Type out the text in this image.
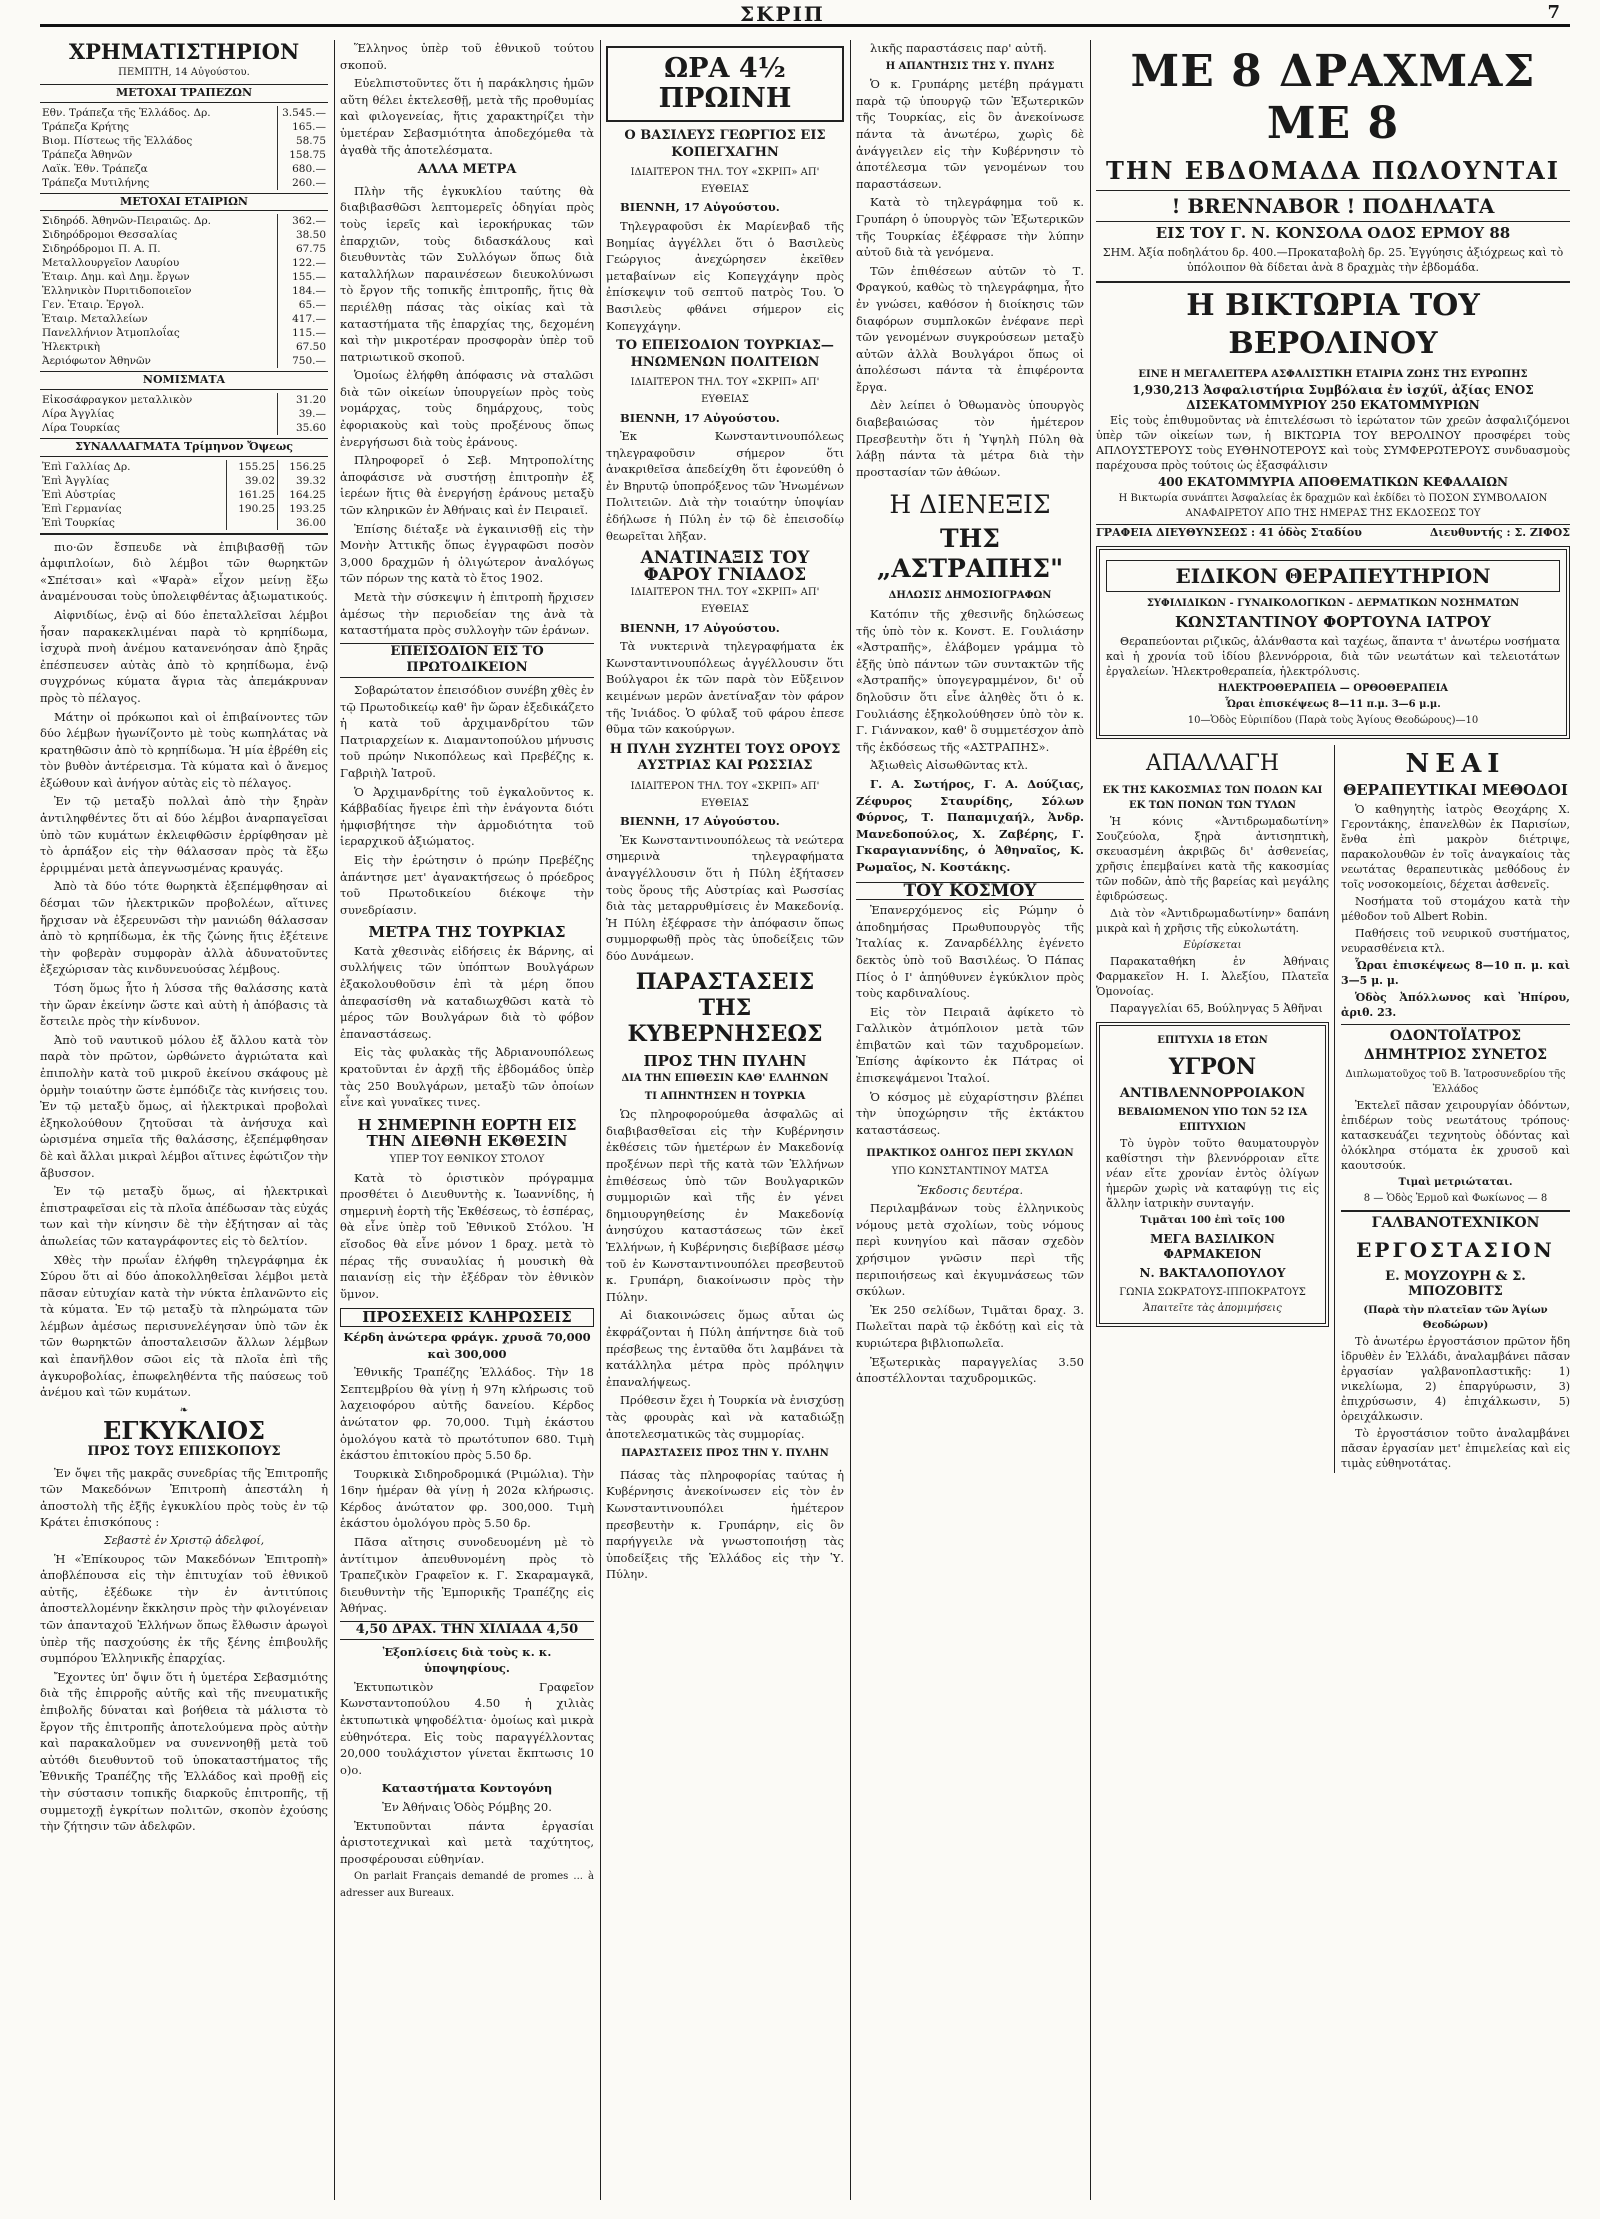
ΣΚΡΙΠ	7
ΧΡΗΜΑΤΙΣΤΗΡΙΟΝ
ΠΕΜΠΤΗ, 14 Αὐγούστου.
ΜΕΤΟΧΑΙ ΤΡΑΠΕΖΩΝ
Εθν. Τράπεζα τῆς Ἑλλάδος. Δρ.	3.545.—
Τράπεζα Κρήτης	165.—
Βιομ. Πίστεως τῆς Ἑλλάδος	58.75
Τράπεζα Ἀθηνῶν	158.75
Λαϊκ. Ἐθν. Τράπεζα	680.—
Τράπεζα Μυτιλήνης	260.—
ΜΕΤΟΧΑΙ ΕΤΑΙΡΙΩΝ
Σιδηρόδ. Ἀθηνῶν-Πειραιῶς. Δρ.	362.—
Σιδηρόδρομοι Θεσσαλίας	38.50
Σιδηρόδρομοι Π. Α. Π.	67.75
Μεταλλουργεῖον Λαυρίου	122.—
Ἑταιρ. Δημ. καὶ Δημ. ἔργων	155.—
Ἑλληνικὸν Πυριτιδοποιεῖον	184.—
Γεν. Ἑταιρ. Ἐργολ.	65.—
Ἑταιρ. Μεταλλείων	417.—
Πανελλήνιον Ἀτμοπλοΐας	115.—
Ἠλεκτρικὴ	67.50
Ἀεριόφωτον Ἀθηνῶν	750.—
ΝΟΜΙΣΜΑΤΑ
Εἰκοσάφραγκον μεταλλικὸν	31.20
Λίρα Ἀγγλίας	39.—
Λίρα Τουρκίας	35.60
ΣΥΝΑΛΛΑΓΜΑΤΑ Τρίμηνον Ὄψεως
Ἐπὶ Γαλλίας Δρ.	155.25	156.25
Ἐπὶ Ἀγγλίας	39.02	39.32
Ἐπὶ Αὐστρίας	161.25	164.25
Ἐπὶ Γερμανίας	190.25	193.25
Ἐπὶ Τουρκίας		36.00

πιο·ῶν ἔσπευδε νὰ ἐπιβιβασθῇ τῶν ἀμφιπλοίων, διὸ λέμβοι τῶν θωρηκτῶν «Σπέτσαι» καὶ «Ψαρὰ» εἶχον μείνῃ ἔξω ἀναμένουσαι τοὺς ὑπολειφθέντας ἀξιωματικούς.

Αἰφνιδίως, ἐνῷ αἱ δύο ἐπεταλλεῖσαι λέμβοι ἦσαν παρακεκλιμέναι παρὰ τὸ κρηπίδωμα, ἰσχυρὰ πνοὴ ἀνέμου κατανενόησαν ἀπὸ ξηρᾶς ἐπέσπευσεν αὐτὰς ἀπὸ τὸ κρηπίδωμα, ἐνῷ συγχρόνως κύματα ἄγρια τὰς ἀπεμάκρυναν πρὸς τὸ πέλαγος.

Μάτην οἱ πρόκωποι καὶ οἱ ἐπιβαίνοντες τῶν δύο λέμβων ἠγωνίζοντο μὲ τοὺς κωπηλάτας νὰ κρατηθῶσιν ἀπὸ τὸ κρηπίδωμα. Ἡ μία ἐβρέθη εἰς τὸν βυθὸν ἀντέρεισμα. Τὰ κύματα καὶ ὁ ἄνεμος ἐξώθουν καὶ ἀνήγον αὐτὰς εἰς τὸ πέλαγος.

Ἐν τῷ μεταξὺ πολλαὶ ἀπὸ τὴν ξηρὰν ἀντιληφθέντες ὅτι αἱ δύο λέμβοι ἀναρπαγεῖσαι ὑπὸ τῶν κυμάτων ἐκλειφθῶσιν ἐρρίφθησαν μὲ τὸ ἁρπάξον εἰς τὴν θάλασσαν πρὸς τὰ ἔξω ἐρριμμέναι μετὰ ἀπεγνωσμένας κραυγάς.

Ἀπὸ τὰ δύο τότε θωρηκτὰ ἐξεπέμφθησαν αἱ δέσμαι τῶν ἠλεκτρικῶν προβολέων, αἵτινες ἤρχισαν νὰ ἐξερευνῶσι τὴν μανιώδη θάλασσαν ἀπὸ τὸ κρηπίδωμα, ἐκ τῆς ζώνης ἥτις ἐξέτεινε τὴν φοβερὰν συμφορὰν ἀλλὰ ἀδυνατοῦντες ἐξεχώρισαν τὰς κινδυνευούσας λέμβους.

Τόση ὅμως ἦτο ἡ λύσσα τῆς θαλάσσης κατὰ τὴν ὥραν ἐκείνην ὥστε καὶ αὐτὴ ἡ ἀπόβασις τὰ ἔστειλε πρὸς τὴν κίνδυνον.

Ἀπὸ τοῦ ναυτικοῦ μόλου ἐξ ἄλλου κατὰ τὸν παρὰ τὸν πρῶτον, ὡρθώνετο ἀγριώτατα καὶ ἐπιπολὴν κατὰ τοῦ μικροῦ ἐκείνου σκάφους μὲ ὁρμὴν τοιαύτην ὥστε ἐμπόδιζε τὰς κινήσεις του. Ἐν τῷ μεταξὺ ὅμως, αἱ ἠλεκτρικαὶ προβολαὶ ἐξηκολούθουν ζητοῦσαι τὰ ἀνήσυχα καὶ ὡρισμένα σημεῖα τῆς θαλάσσης, ἐξεπέμφθησαν δὲ καὶ ἄλλαι μικραὶ λέμβοι αἵτινες ἐφώτιζον τὴν ἄβυσσον.

Ἐν τῷ μεταξὺ ὅμως, αἱ ἠλεκτρικαὶ ἐπιστραφεῖσαι εἰς τὰ πλοῖα ἀπέδωσαν τὰς εὐχάς των καὶ τὴν κίνησιν δὲ τὴν ἐξήτησαν αἱ τὰς ἀπωλείας τῶν καταγράφοντες εἰς τὸ δελτίον.

Χθὲς τὴν πρωΐαν ἐλήφθη τηλεγράφημα ἐκ Σύρου ὅτι αἱ δύο ἀποκολληθεῖσαι λέμβοι μετὰ πᾶσαν εὐτυχίαν κατὰ τὴν νύκτα ἐπλανῶντο εἰς τὰ κύματα. Ἐν τῷ μεταξὺ τὰ πληρώματα τῶν λέμβων ἀμέσως περισυνελέγησαν ὑπὸ τῶν ἐκ τῶν θωρηκτῶν ἀποσταλεισῶν ἄλλων λέμβων καὶ ἐπανῆλθον σῶοι εἰς τὰ πλοῖα ἐπὶ τῆς ἀγκυροβολίας, ἐπωφεληθέντα τῆς παύσεως τοῦ ἀνέμου καὶ τῶν κυμάτων.

❧
ΕΓΚΥΚΛΙΟΣ
ΠΡΟΣ ΤΟΥΣ ΕΠΙΣΚΟΠΟΥΣ

Ἐν ὄψει τῆς μακρᾶς συνεδρίας τῆς Ἐπιτροπῆς τῶν Μακεδόνων Ἐπιτροπὴ ἀπεστάλη ἡ ἀποστολὴ τῆς ἐξῆς ἐγκυκλίου πρὸς τοὺς ἐν τῷ Κράτει ἐπισκόπους :

Σεβαστὲ ἐν Χριστῷ ἀδελφοί,

Ἡ «Ἐπίκουρος τῶν Μακεδόνων Ἐπιτροπὴ» ἀποβλέπουσα εἰς τὴν ἐπιτυχίαν τοῦ ἐθνικοῦ αὐτῆς, ἐξέδωκε τὴν ἐν ἀντιτύποις ἀποστελλομένην ἔκκλησιν πρὸς τὴν φιλογένειαν τῶν ἁπανταχοῦ Ἑλλήνων ὅπως ἔλθωσιν ἀρωγοὶ ὑπὲρ τῆς πασχούσης ἐκ τῆς ξένης ἐπιβουλῆς συμπόρου Ἑλληνικῆς ἐπαρχίας.

Ἔχοντες ὑπ' ὄψιν ὅτι ἡ ὑμετέρα Σεβασμιότης διὰ τῆς ἐπιρροῆς αὐτῆς καὶ τῆς πνευματικῆς ἐπιβολῆς δύναται καὶ βοήθεια τὰ μάλιστα τὸ ἔργον τῆς ἐπιτροπῆς ἀποτελούμενα πρὸς αὐτὴν καὶ παρακαλοῦμεν να συνεννοηθῇ μετὰ τοῦ αὐτόθι διευθυντοῦ τοῦ ὑποκαταστήματος τῆς Ἐθνικῆς Τραπέζης τῆς Ἑλλάδος καὶ προθῇ εἰς τὴν σύστασιν τοπικῆς διαρκοῦς ἐπιτροπῆς, τῇ συμμετοχῇ ἐγκρίτων πολιτῶν, σκοπὸν ἐχούσης τὴν ζήτησιν τῶν ἀδελφῶν.

Ἕλληνος ὑπὲρ τοῦ ἐθνικοῦ τούτου σκοποῦ.

Εὐελπιστοῦντες ὅτι ἡ παράκλησις ἡμῶν αὕτη θέλει ἐκτελεσθῇ, μετὰ τῆς προθυμίας καὶ φιλογενείας, ἥτις χαρακτηρίζει τὴν ὑμετέραν Σεβασμιότητα ἀποδεχόμεθα τὰ ἀγαθὰ τῆς ἀποτελέσματα.

ΑΛΛΑ ΜΕΤΡΑ

Πλὴν τῆς ἐγκυκλίου ταύτης θὰ διαβιβασθῶσι λεπτομερεῖς ὁδηγίαι πρὸς τοὺς ἱερεῖς καὶ ἱεροκήρυκας τῶν ἐπαρχιῶν, τοὺς διδασκάλους καὶ διευθυντὰς τῶν Συλλόγων ὅπως διὰ καταλλήλων παραινέσεων διευκολύνωσι τὸ ἔργον τῆς τοπικῆς ἐπιτροπῆς, ἥτις θὰ περιέλθῃ πάσας τὰς οἰκίας καὶ τὰ καταστήματα τῆς ἐπαρχίας της, δεχομένη καὶ τὴν μικροτέραν προσφορὰν ὑπὲρ τοῦ πατριωτικοῦ σκοποῦ.

Ὁμοίως ἐλήφθη ἀπόφασις νὰ σταλῶσι διὰ τῶν οἰκείων ὑπουργείων πρὸς τοὺς νομάρχας, τοὺς δημάρχους, τοὺς ἐφοριακοὺς καὶ τοὺς προξένους ὅπως ἐνεργήσωσι διὰ τοὺς ἐράνους.

Πληροφορεῖ ὁ Σεβ. Μητροπολίτης ἀποφάσισε νὰ συστήσῃ ἐπιτροπὴν ἐξ ἱερέων ἥτις θὰ ἐνεργήσῃ ἐράνους μεταξὺ τῶν κληρικῶν ἐν Ἀθήναις καὶ ἐν Πειραιεῖ.

Ἐπίσης διέταξε νὰ ἐγκαινισθῇ εἰς τὴν Μονὴν Ἀττικῆς ὅπως ἐγγραφῶσι ποσὸν 3,000 δραχμῶν ἡ ὀλιγώτερον ἀναλόγως τῶν πόρων της κατὰ τὸ ἔτος 1902.

Μετὰ τὴν σύσκεψιν ἡ ἐπιτροπὴ ἤρχισεν ἀμέσως τὴν περιοδείαν της ἀνὰ τὰ καταστήματα πρὸς συλλογὴν τῶν ἐράνων.

ΕΠΕΙΣΟΔΙΟΝ ΕΙΣ ΤΟ ΠΡΩΤΟΔΙΚΕΙΟΝ

Σοβαρώτατον ἐπεισόδιον συνέβη χθὲς ἐν τῷ Πρωτοδικείῳ καθ' ἣν ὥραν ἐξεδικάζετο ἡ κατὰ τοῦ ἀρχιμανδρίτου τῶν Πατριαρχείων κ. Διαμαντοπούλου μήνυσις τοῦ πρώην Νικοπόλεως καὶ Πρεβέζης κ. Γαβριὴλ Ἱατροῦ.

Ὁ Ἀρχιμανδρίτης τοῦ ἐγκαλοῦντος κ. Κάββαδίας ἤγειρε ἐπὶ τὴν ἐνάγοντα διότι ἠμφισβήτησε τὴν ἀρμοδιότητα τοῦ ἱεραρχικοῦ ἀξιώματος.

Εἰς τὴν ἐρώτησιν ὁ πρώην Πρεβέζης ἀπάντησε μετ' ἀγανακτήσεως ὁ πρόεδρος τοῦ Πρωτοδικείου διέκοψε τὴν συνεδρίασιν.

ΜΕΤΡΑ ΤΗΣ ΤΟΥΡΚΙΑΣ

Κατὰ χθεσινὰς εἰδήσεις ἐκ Βάρνης, αἱ συλλήψεις τῶν ὑπόπτων Βουλγάρων ἐξακολουθοῦσιν ἐπὶ τὰ μέρη ὅπου ἀπεφασίσθη νὰ καταδιωχθῶσι κατὰ τὸ μέρος τῶν Βουλγάρων διὰ τὸ φόβον ἐπαναστάσεως.

Εἰς τὰς φυλακὰς τῆς Ἀδριανουπόλεως κρατοῦνται ἐν ἀρχῇ τῆς ἑβδομάδος ὑπὲρ τὰς 250 Βουλγάρων, μεταξὺ τῶν ὁποίων εἶνε καὶ γυναῖκες τινες.

Η ΣΗΜΕΡΙΝΗ ΕΟΡΤΗ ΕΙΣ ΤΗΝ ΔΙΕΘΝΗ ΕΚΘΕΣΙΝ
ΥΠΕΡ ΤΟΥ ΕΘΝΙΚΟΥ ΣΤΟΛΟΥ

Κατὰ τὸ ὁριστικὸν πρόγραμμα προσθέτει ὁ Διευθυντὴς κ. Ἰωαννίδης, ἡ σημερινὴ ἑορτὴ τῆς Ἐκθέσεως, τὸ ἑσπέρας, θὰ εἶνε ὑπὲρ τοῦ Ἐθνικοῦ Στόλου. Ἡ εἴσοδος θὰ εἶνε μόνον 1 δραχ. μετὰ τὸ πέρας τῆς συναυλίας ἡ μουσικὴ θὰ παιανίσῃ εἰς τὴν ἐξέδραν τὸν ἐθνικὸν ὕμνον.

ΠΡΟΣΕΧΕΙΣ ΚΛΗΡΩΣΕΙΣ

Κέρδη ἀνώτερα φράγκ. χρυσᾶ 70,000 καὶ 300,000

Ἐθνικῆς Τραπέζης Ἑλλάδος. Τὴν 18 Σεπτεμβρίου θὰ γίνῃ ἡ 97η κλήρωσις τοῦ λαχειοφόρου αὐτῆς δανείου. Κέρδος ἀνώτατον φρ. 70,000. Τιμὴ ἑκάστου ὁμολόγου κατὰ τὸ πρωτότυπον 680. Τιμὴ ἑκάστου ἐπιτοκίου πρὸς 5.50 δρ.

Τουρκικὰ Σιδηροδρομικά (Ριμώλια). Τὴν 16ην ἡμέραν θὰ γίνῃ ἡ 202α κλήρωσις. Κέρδος ἀνώτατον φρ. 300,000. Τιμὴ ἑκάστου ὁμολόγου πρὸς 5.50 δρ.

Πᾶσα αἴτησις συνοδευομένη μὲ τὸ ἀντίτιμον ἀπευθυνομένη πρὸς τὸ Τραπεζικὸν Γραφεῖον κ. Γ. Σκαραμαγκᾶ, διευθυντὴν τῆς Ἐμπορικῆς Τραπέζης εἰς Ἀθήνας.

4,50 ΔΡΑΧ. ΤΗΝ ΧΙΛΙΑΔΑ 4,50

Ἐξοπλίσεις διὰ τοὺς κ. κ. ὑποψηφίους.

Ἐκτυπωτικὸν Γραφεῖον Κωνσταντοπούλου 4.50 ἡ χιλιὰς ἐκτυπωτικὰ ψηφοδέλτια· ὁμοίως καὶ μικρὰ εὐθηνότερα. Εἰς τοὺς παραγγέλλοντας 20,000 τουλάχιστον γίνεται ἔκπτωσις 10 ο)ο.

Καταστήματα Κοντογόνη

Ἐν Ἀθήναις Ὁδὸς Ρόμβης 20.

Ἐκτυποῦνται πάντα ἐργασίαι ἀριστοτεχνικαὶ καὶ μετὰ ταχύτητος, προσφέρουσαι εὐθηνίαν.

On parlait Français demandé de promes ... à adresser aux Bureaux.

ΩΡΑ 4½ ΠΡΩΙΝΗ
Ο ΒΑΣΙΛΕΥΣ ΓΕΩΡΓΙΟΣ ΕΙΣ ΚΟΠΕΓΧΑΓΗΝ
ΙΔΙΑΙΤΕΡΟΝ ΤΗΛ. ΤΟΥ «ΣΚΡΙΠ» ΑΠ' ΕΥΘΕΙΑΣ

ΒΙΕΝΝΗ, 17 Αὐγούστου.

Τηλεγραφοῦσι ἐκ Μαρίενβαδ τῆς Βοημίας ἀγγέλλει ὅτι ὁ Βασιλεὺς Γεώργιος ἀνεχώρησεν ἐκεῖθεν μεταβαίνων εἰς Κοπεγχάγην πρὸς ἐπίσκεψιν τοῦ σεπτοῦ πατρὸς Του. Ὁ Βασιλεὺς φθάνει σήμερον εἰς Κοπεγχάγην.

ΤΟ ΕΠΕΙΣΟΔΙΟΝ ΤΟΥΡΚΙΑΣ—ΗΝΩΜΕΝΩΝ ΠΟΛΙΤΕΙΩΝ
ΙΔΙΑΙΤΕΡΟΝ ΤΗΛ. ΤΟΥ «ΣΚΡΙΠ» ΑΠ' ΕΥΘΕΙΑΣ

ΒΙΕΝΝΗ, 17 Αὐγούστου.

Ἐκ Κωνσταντινουπόλεως τηλεγραφοῦσιν σήμερον ὅτι ἀνακριθεῖσα ἀπεδείχθη ὅτι ἐφονεύθη ὁ ἐν Βηρυτῷ ὑποπρόξενος τῶν Ἡνωμένων Πολιτειῶν. Διὰ τὴν τοιαύτην ὑποψίαν ἐδήλωσε ἡ Πύλη ἐν τῷ δὲ ἐπεισοδίῳ θεωρεῖται λῆξαν.

ΑΝΑΤΙΝΑΞΙΣ ΤΟΥ ΦΑΡΟΥ ΓΝΙΑΔΟΣ
ΙΔΙΑΙΤΕΡΟΝ ΤΗΛ. ΤΟΥ «ΣΚΡΙΠ» ΑΠ' ΕΥΘΕΙΑΣ

ΒΙΕΝΝΗ, 17 Αὐγούστου.

Τὰ νυκτερινὰ τηλεγραφήματα ἐκ Κωνσταντινουπόλεως ἀγγέλλουσιν ὅτι Βούλγαροι ἐκ τῶν παρὰ τὸν Εὔξεινον κειμένων μερῶν ἀνετίναξαν τὸν φάρον τῆς Ἰνιάδος. Ὁ φύλαξ τοῦ φάρου ἐπεσε θῦμα τῶν κακούργων.

Η ΠΥΛΗ ΣΥΖΗΤΕΙ ΤΟΥΣ ΟΡΟΥΣ ΑΥΣΤΡΙΑΣ ΚΑΙ ΡΩΣΣΙΑΣ
ΙΔΙΑΙΤΕΡΟΝ ΤΗΛ. ΤΟΥ «ΣΚΡΙΠ» ΑΠ' ΕΥΘΕΙΑΣ

ΒΙΕΝΝΗ, 17 Αὐγούστου.

Ἐκ Κωνσταντινουπόλεως τὰ νεώτερα σημερινὰ τηλεγραφήματα ἀναγγέλλουσιν ὅτι ἡ Πύλη ἐξήτασεν τοὺς ὅρους τῆς Αὐστρίας καὶ Ρωσσίας διὰ τὰς μεταρρυθμίσεις ἐν Μακεδονίᾳ. Ἡ Πύλη ἐξέφρασε τὴν ἀπόφασιν ὅπως συμμορφωθῇ πρὸς τὰς ὑποδείξεις τῶν δύο Δυνάμεων.

ΠΑΡΑΣΤΑΣΕΙΣ ΤΗΣ ΚΥΒΕΡΝΗΣΕΩΣ
ΠΡΟΣ ΤΗΝ ΠΥΛΗΝ
ΔΙΑ ΤΗΝ ΕΠΙΘΕΣΙΝ ΚΑΘ' ΕΛΛΗΝΩΝ
ΤΙ ΑΠΗΝΤΗΣΕΝ Η ΤΟΥΡΚΙΑ

Ὡς πληροφορούμεθα ἀσφαλῶς αἱ διαβιβασθεῖσαι εἰς τὴν Κυβέρνησιν ἐκθέσεις τῶν ἡμετέρων ἐν Μακεδονίᾳ προξένων περὶ τῆς κατὰ τῶν Ἑλλήνων ἐπιθέσεως ὑπὸ τῶν Βουλγαρικῶν συμμοριῶν καὶ τῆς ἐν γένει δημιουργηθείσης ἐν Μακεδονίᾳ ἀνησύχου καταστάσεως τῶν ἐκεῖ Ἑλλήνων, ἡ Κυβέρνησις διεβίβασε μέσῳ τοῦ ἐν Κωνσταντινουπόλει πρεσβευτοῦ κ. Γρυπάρη, διακοίνωσιν πρὸς τὴν Πύλην.

Αἱ διακοινώσεις ὅμως αὗται ὡς ἐκφράζονται ἡ Πύλη ἀπήντησε διὰ τοῦ πρέσβεως της ἐνταῦθα ὅτι λαμβάνει τὰ κατάλληλα μέτρα πρὸς πρόληψιν ἐπαναλήψεως.

Πρόθεσιν ἔχει ἡ Τουρκία νὰ ἐνισχύσῃ τὰς φρουρὰς καὶ νὰ καταδιώξῃ ἀποτελεσματικῶς τὰς συμμορίας.

ΠΑΡΑΣΤΑΣΕΙΣ ΠΡΟΣ ΤΗΝ Υ. ΠΥΛΗΝ

Πάσας τὰς πληροφορίας ταύτας ἡ Κυβέρνησις ἀνεκοίνωσεν εἰς τὸν ἐν Κωνσταντινουπόλει ἡμέτερον πρεσβευτὴν κ. Γρυπάρην, εἰς ὃν παρήγγειλε νὰ γνωστοποιήσῃ τὰς ὑποδείξεις τῆς Ἑλλάδος εἰς τὴν Ὑ. Πύλην.

λικῆς παραστάσεις παρ' αὐτῆ.

Η ΑΠΑΝΤΗΣΙΣ ΤΗΣ Υ. ΠΥΛΗΣ

Ὁ κ. Γρυπάρης μετέβη πράγματι παρὰ τῷ ὑπουργῷ τῶν Ἐξωτερικῶν τῆς Τουρκίας, εἰς ὃν ἀνεκοίνωσε πάντα τὰ ἀνωτέρω, χωρὶς δὲ ἀνάγγειλεν εἰς τὴν Κυβέρνησιν τὸ ἀποτέλεσμα τῶν γενομένων του παραστάσεων.

Κατὰ τὸ τηλεγράφημα τοῦ κ. Γρυπάρη ὁ ὑπουργὸς τῶν Ἐξωτερικῶν τῆς Τουρκίας ἐξέφρασε τὴν λύπην αὐτοῦ διὰ τὰ γενόμενα.

Τῶν ἐπιθέσεων αὐτῶν τὸ Τ. Φραγκού, καθὼς τὸ τηλεγράφημα, ἦτο ἐν γνώσει, καθόσον ἡ διοίκησις τῶν διαφόρων συμπλοκῶν ἐνέφανε περὶ τῶν γενομένων συγκρούσεων μεταξὺ αὐτῶν ἀλλὰ Βουλγάροι ὅπως οἱ ἀπολέσωσι πάντα τὰ ἐπιφέροντα ἔργα.

Δὲν λείπει ὁ Ὀθωμανὸς ὑπουργὸς διαβεβαιώσας τὸν ἡμέτερον Πρεσβευτὴν ὅτι ἡ Ὑψηλὴ Πύλη θὰ λάβῃ πάντα τὰ μέτρα διὰ τὴν προστασίαν τῶν ἀθώων.

Η ΔΙΕΝΕΞΙΣ
ΤΗΣ „ΑΣΤΡΑΠΗΣ"
ΔΗΛΩΣΙΣ ΔΗΜΟΣΙΟΓΡΑΦΩΝ

Κατόπιν τῆς χθεσινῆς δηλώσεως τῆς ὑπὸ τὸν κ. Κονστ. Ε. Γουλιάσην «Ἀστραπῆς», ἐλάβομεν γράμμα τὸ ἑξῆς ὑπὸ πάντων τῶν συντακτῶν τῆς «Ἀστραπῆς» ὑπογεγραμμένον, δι' οὗ δηλοῦσιν ὅτι εἶνε ἀληθὲς ὅτι ὁ κ. Γουλιάσης ἐξηκολούθησεν ὑπὸ τὸν κ. Γ. Γιάννακον, καθ' ὃ συμμετέσχον ἀπὸ τῆς ἐκδόσεως τῆς «ΑΣΤΡΑΠΗΣ».

Ἀξιωθεὶς Αἰσωθῶντας κτλ.

Γ. Α. Σωτήρος, Γ. Α. Δούζιας, Ζέφυρος Σταυρίδης, Σόλων Φύρνος, Τ. Παπαμιχαήλ, Ἀνδρ. Μανεδοπούλος, Χ. Ζαβέρης, Γ. Γκαραγιαννίδης, ὁ Ἀθηναῖος, Κ. Ρωμαῖος, Ν. Κοστάκης.

ΤΟΥ ΚΟΣΜΟΥ

Ἐπανερχόμενος εἰς Ρώμην ὁ ἀποδημήσας Πρωθυπουργὸς τῆς Ἰταλίας κ. Ζαναρδέλλης ἐγένετο δεκτὸς ὑπὸ τοῦ Βασιλέως. Ὁ Πάπας Πίος ὁ Ι' ἀπηύθυνεν ἐγκύκλιον πρὸς τοὺς καρδιναλίους.

Εἰς τὸν Πειραιᾶ ἀφίκετο τὸ Γαλλικὸν ἀτμόπλοιον μετὰ τῶν ἐπιβατῶν καὶ τῶν ταχυδρομείων. Ἐπίσης ἀφίκοντο ἐκ Πάτρας οἱ ἐπισκεψάμενοι Ἰταλοί.

Ὁ κόσμος μὲ εὐχαρίστησιν βλέπει τὴν ὑποχώρησιν τῆς ἐκτάκτου καταστάσεως.

ΠΡΑΚΤΙΚΟΣ ΟΔΗΓΟΣ ΠΕΡΙ ΣΚΥΛΩΝ
ΥΠΟ ΚΩΝΣΤΑΝΤΙΝΟΥ ΜΑΤΣΑ

Ἔκδοσις δευτέρα.

Περιλαμβάνων τοὺς ἑλληνικοὺς νόμους μετὰ σχολίων, τοὺς νόμους περὶ κυνηγίου καὶ πᾶσαν σχεδὸν χρήσιμον γνῶσιν περὶ τῆς περιποιήσεως καὶ ἐκγυμνάσεως τῶν σκύλων.

Ἐκ 250 σελίδων, Τιμᾶται δραχ. 3. Πωλεῖται παρὰ τῷ ἐκδότῃ καὶ εἰς τὰ κυριώτερα βιβλιοπωλεῖα.

Ἐξωτερικὰς παραγγελίας 3.50 ἀποστέλλονται ταχυδρομικῶς.

ΜΕ 8 ΔΡΑΧΜΑΣ ΜΕ 8
ΤΗΝ ΕΒΔΟΜΑΔΑ ΠΩΛΟΥΝΤΑΙ
! BRENNABOR ! ΠΟΔΗΛΑΤΑ
ΕΙΣ ΤΟΥ Γ. Ν. ΚΟΝΣΟΛΑ ΟΔΟΣ ΕΡΜΟΥ 88
ΣΗΜ. Ἀξία ποδηλάτου δρ. 400.—Προκαταβολὴ δρ. 25. Ἐγγύησις ἀξιόχρεως καὶ τὸ ὑπόλοιπον θὰ δίδεται ἀνὰ 8 δραχμὰς τὴν ἑβδομάδα.
Η ΒΙΚΤΩΡΙΑ ΤΟΥ ΒΕΡΟΛΙΝΟΥ
ΕΙΝΕ Η ΜΕΓΑΛΕΙΤΕΡΑ ΑΣΦΑΛΙΣΤΙΚΗ ΕΤΑΙΡΙΑ ΖΩΗΣ ΤΗΣ ΕΥΡΩΠΗΣ
1,930,213 Ἀσφαλιστήρια Συμβόλαια ἐν ἰσχύϊ, ἀξίας ΕΝΟΣ ΔΙΣΕΚΑΤΟΜΜΥΡΙΟΥ 250 ΕΚΑΤΟΜΜΥΡΙΩΝ

Εἰς τοὺς ἐπιθυμοῦντας νὰ ἐπιτελέσωσι τὸ ἱερώτατον τῶν χρεῶν ἀσφαλιζόμενοι ὑπὲρ τῶν οἰκείων των, ἡ ΒΙΚΤΩΡΙΑ ΤΟΥ ΒΕΡΟΛΙΝΟΥ προσφέρει τοὺς ΑΠΛΟΥΣΤΕΡΟΥΣ τοὺς ΕΥΘΗΝΟΤΕΡΟΥΣ καὶ τοὺς ΣΥΜΦΕΡΩΤΕΡΟΥΣ συνδυασμοὺς παρέχουσα πρὸς τούτοις ὡς ἐξασφάλισιν

400 ΕΚΑΤΟΜΜΥΡΙΑ ΑΠΟΘΕΜΑΤΙΚΩΝ ΚΕΦΑΛΑΙΩΝ
Η Βικτωρία συνάπτει Ἀσφαλείας ἐκ δραχμῶν καὶ ἐκδίδει τὸ ΠΟΣΟΝ ΣΥΜΒΟΛΑΙΟΝ ΑΝΑΦΑΙΡΕΤΟΥ ΑΠΟ ΤΗΣ ΗΜΕΡΑΣ ΤΗΣ ΕΚΔΟΣΕΩΣ ΤΟΥ
ΓΡΑΦΕΙΑ ΔΙΕΥΘΥΝΣΕΩΣ : 41 ὁδὸς Σταδίου	Διευθυντής : Σ. ΖΙΦΟΣ
ΕΙΔΙΚΟΝ ΘΕΡΑΠΕΥΤΗΡΙΟΝ
ΣΥΦΙΛΙΔΙΚΩΝ - ΓΥΝΑΙΚΟΛΟΓΙΚΩΝ - ΔΕΡΜΑΤΙΚΩΝ ΝΟΣΗΜΑΤΩΝ
ΚΩΝΣΤΑΝΤΙΝΟΥ ΦΟΡΤΟΥΝΑ ΙΑΤΡΟΥ

Θεραπεύονται ριζικῶς, ἀλάνθαστα καὶ ταχέως, ἅπαντα τ' ἀνωτέρω νοσήματα καὶ ἡ χρονία τοῦ ἰδίου βλεννόρροια, διὰ τῶν νεωτάτων καὶ τελειοτάτων ἐργαλείων. Ἠλεκτροθεραπεία, ἠλεκτρόλυσις.

ΗΛΕΚΤΡΟΘΕΡΑΠΕΙΑ — ΟΡΘΟΘΕΡΑΠΕΙΑ
Ὧραι ἐπισκέψεως 8—11 π.μ. 3—6 μ.μ.
10—Ὁδὸς Εὐριπίδου (Παρὰ τοὺς Ἁγίους Θεοδώρους)—10
ΑΠΑΛΛΑΓΗ
ΕΚ ΤΗΣ ΚΑΚΟΣΜΙΑΣ ΤΩΝ ΠΟΔΩΝ ΚΑΙ ΕΚ ΤΩΝ ΠΟΝΩΝ ΤΩΝ ΤΥΛΩΝ

Ἡ κόνις «Ἀντιδρωμαδωτίνη» Σουζεύολα, ξηρὰ ἀντισηπτικὴ, σκευασμένη ἀκριβῶς δι' ἀσθενείας, χρῆσις ἐπεμβαίνει κατὰ τῆς κακοσμίας τῶν ποδῶν, ἀπὸ τῆς βαρείας καὶ μεγάλης ἐφιδρώσεως.

Διὰ τὸν «Ἀντιδρωμαδωτίνην» δαπάνη μικρὰ καὶ ἡ χρῆσις τῆς εὐκολωτάτη.

Εὑρίσκεται

Παρακαταθήκη ἐν Ἀθήναις Φαρμακεῖον Η. Ι. Ἀλεξίου, Πλατεῖα Ὁμονοίας.

Παραγγελίαι 65, Βούληνγας 5 Ἀθῆναι

ΕΠΙΤΥΧΙΑ 18 ΕΤΩΝ
ΥΓΡΟΝ
ΑΝΤΙΒΛΕΝΝΟΡΡΟΙΑΚΟΝ
ΒΕΒΑΙΩΜΕΝΟΝ ΥΠΟ ΤΩΝ 52 ΙΣΑ ΕΠΙΤΥΧΙΩΝ

Τὸ ὑγρὸν τοῦτο θαυματουργὸν καθίστησι τὴν βλεννόρροιαν εἴτε νέαν εἴτε χρονίαν ἐντὸς ὀλίγων ἡμερῶν χωρὶς νὰ καταφύγῃ τις εἰς ἄλλην ἰατρικὴν συνταγήν.

Τιμᾶται 100 ἐπὶ τοῖς 100
ΜΕΓΑ ΒΑΣΙΛΙΚΟΝ ΦΑΡΜΑΚΕΙΟΝ
Ν. ΒΑΚΤΑΛΟΠΟΥΛΟΥ
ΓΩΝΙΑ ΣΩΚΡΑΤΟΥΣ-ΙΠΠΟΚΡΑΤΟΥΣ
Ἀπαιτεῖτε τὰς ἀπομιμήσεις
ΝΕΑΙ
ΘΕΡΑΠΕΥΤΙΚΑΙ ΜΕΘΟΔΟΙ

Ὁ καθηγητὴς ἰατρὸς Θεοχάρης Χ. Γεροντάκης, ἐπανελθὼν ἐκ Παρισίων, ἔνθα ἐπὶ μακρὸν διέτριψε, παρακολουθῶν ἐν τοῖς ἀναγκαίοις τὰς νεωτάτας θεραπευτικὰς μεθόδους ἐν τοῖς νοσοκομείοις, δέχεται ἀσθενεῖς.

Νοσήματα τοῦ στομάχου κατὰ τὴν μέθοδον τοῦ Albert Robin.

Παθήσεις τοῦ νευρικοῦ συστήματος, νευρασθένεια κτλ.

Ὧραι ἐπισκέψεως 8—10 π. μ. καὶ 3—5 μ. μ.

Ὁδὸς Ἀπόλλωνος καὶ Ἠπίρου, ἀριθ. 23.

ΟΔΟΝΤΟΪΑΤΡΟΣ
ΔΗΜΗΤΡΙΟΣ ΣΥΝΕΤΟΣ
Διπλωματοῦχος τοῦ Β. Ἰατροσυνεδρίου τῆς Ἑλλάδος

Ἐκτελεῖ πᾶσαν χειρουργίαν ὀδόντων, ἐπιδέρων τοὺς νεωτάτους τρόπους· κατασκευάζει τεχνητοὺς ὀδόντας καὶ ὁλόκληρα στόματα ἐκ χρυσοῦ καὶ καουτσούκ.

Τιμαὶ μετριώταται.
8 — Ὁδὸς Ἑρμοῦ καὶ Φωκίωνος — 8
ΓΑΛΒΑΝΟΤΕΧΝΙΚΟΝ
ΕΡΓΟΣΤΑΣΙΟΝ
Ε. ΜΟΥΖΟΥΡΗ & Σ. ΜΠΟΖΟΒΙΤΣ
(Παρὰ τὴν πλατεῖαν τῶν Ἁγίων Θεοδώρων)

Τὸ ἀνωτέρω ἐργοστάσιον πρῶτον ἤδη ἱδρυθὲν ἐν Ἑλλάδι, ἀναλαμβάνει πᾶσαν ἐργασίαν γαλβανοπλαστικῆς: 1) νικελίωμα, 2) ἐπαργύρωσιν, 3) ἐπιχρύσωσιν, 4) ἐπιχάλκωσιν, 5) ὀρειχάλκωσιν.

Τὸ ἐργοστάσιον τοῦτο ἀναλαμβάνει πᾶσαν ἐργασίαν μετ' ἐπιμελείας καὶ εἰς τιμὰς εὐθηνοτάτας.
